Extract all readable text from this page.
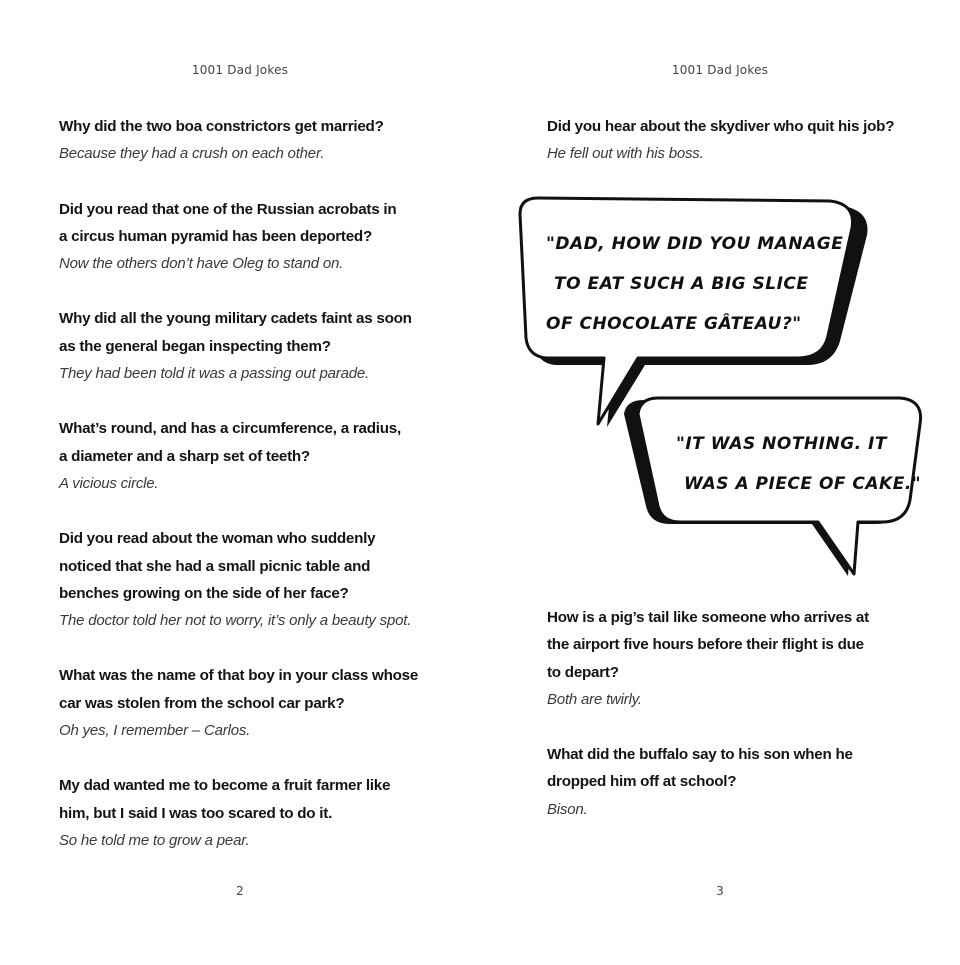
1001 Dad Jokes
Why did the two boa constrictors get married?
Because they had a crush on each other.
Did you read that one of the Russian acrobats in
a circus human pyramid has been deported?
Now the others don’t have Oleg to stand on.
Why did all the young military cadets faint as soon
as the general began inspecting them?
They had been told it was a passing out parade.
What’s round, and has a circumference, a radius,
a diameter and a sharp set of teeth?
A vicious circle.
Did you read about the woman who suddenly
noticed that she had a small picnic table and
benches growing on the side of her face?
The doctor told her not to worry, it’s only a beauty spot.
What was the name of that boy in your class whose
car was stolen from the school car park?
Oh yes, I remember – Carlos.
My dad wanted me to become a fruit farmer like
him, but I said I was too scared to do it.
So he told me to grow a pear.
2
1001 Dad Jokes
Did you hear about the skydiver who quit his job?
He fell out with his boss.
"DAD, HOW DID YOU MANAGE
TO EAT SUCH A BIG SLICE
OF CHOCOLATE GÂTEAU?"
"IT WAS NOTHING. IT
WAS A PIECE OF CAKE."
How is a pig’s tail like someone who arrives at
the airport five hours before their flight is due
to depart?
Both are twirly.
What did the buffalo say to his son when he
dropped him off at school?
Bison.
3
